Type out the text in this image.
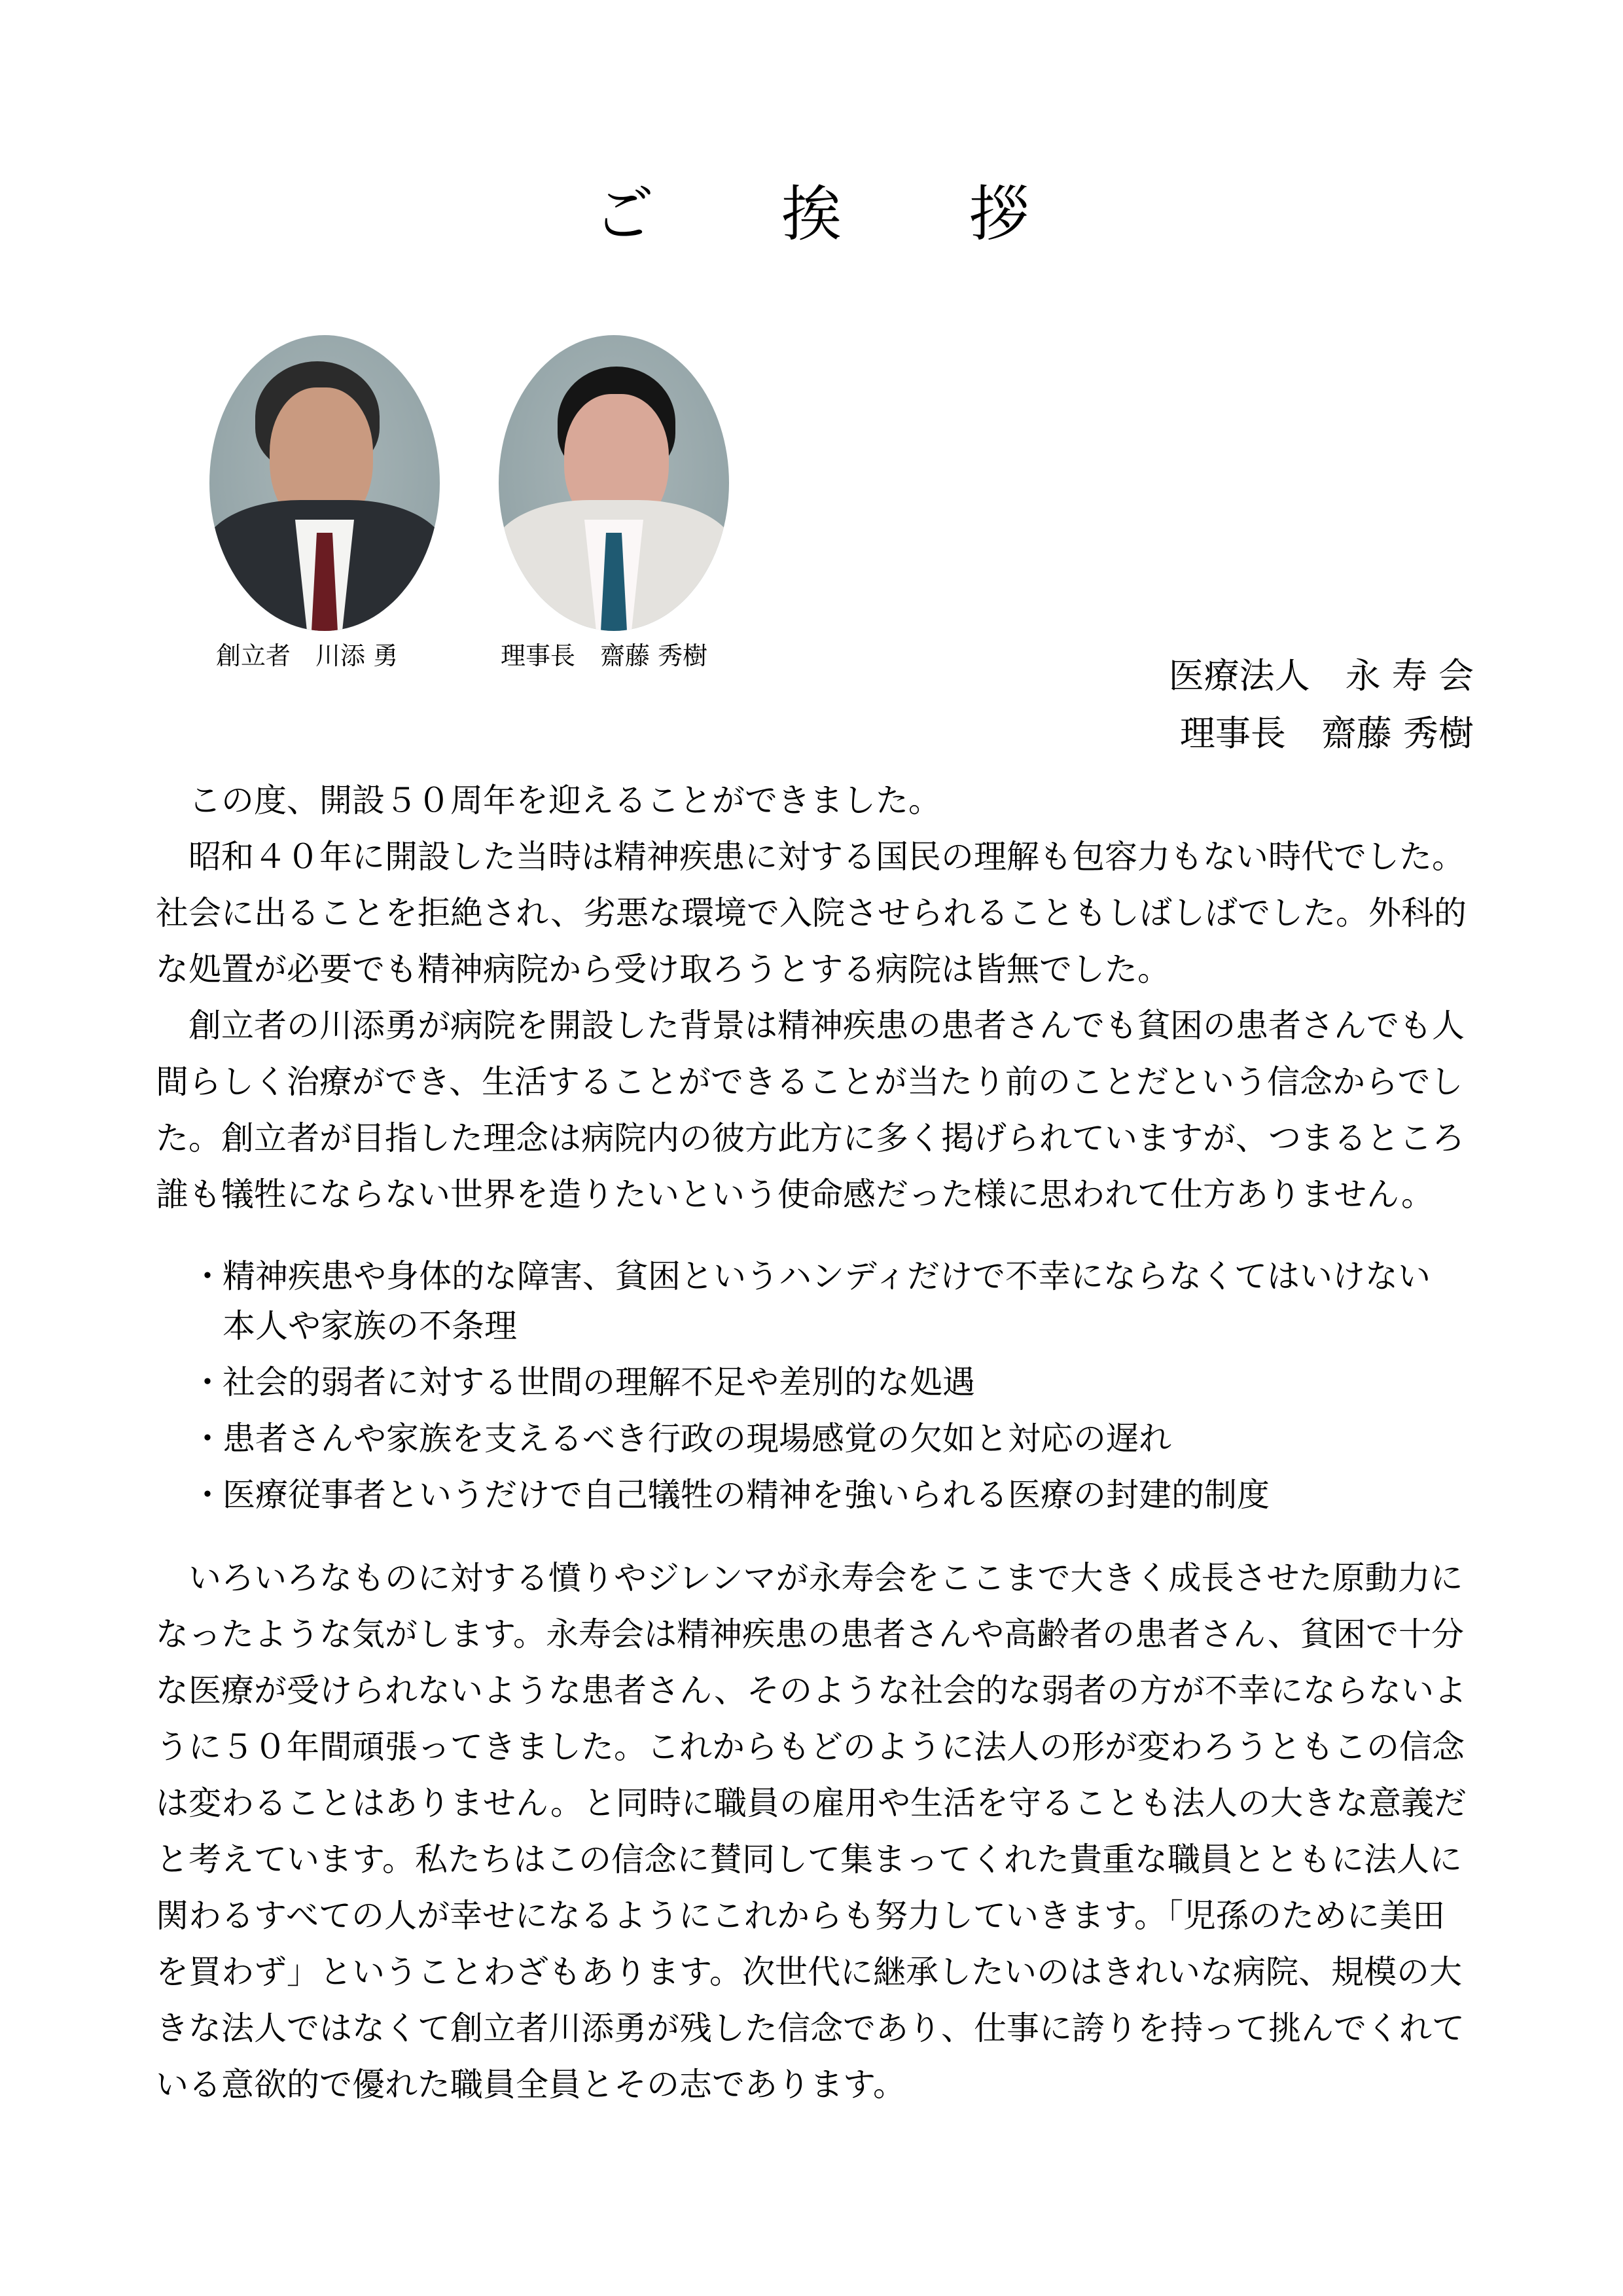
ご 挨 拶
創立者　川添 勇	理事長　齋藤 秀樹	医療法人　永 寿 会
理事長　齋藤 秀樹

　この度、開設５０周年を迎えることができました。

　昭和４０年に開設した当時は精神疾患に対する国民の理解も包容力もない時代でした。

社会に出ることを拒絶され、劣悪な環境で入院させられることもしばしばでした。外科的

な処置が必要でも精神病院から受け取ろうとする病院は皆無でした。

　創立者の川添勇が病院を開設した背景は精神疾患の患者さんでも貧困の患者さんでも人

間らしく治療ができ、生活することができることが当たり前のことだという信念からでし

た。創立者が目指した理念は病院内の彼方此方に多く掲げられていますが、つまるところ

誰も犠牲にならない世界を造りたいという使命感だった様に思われて仕方ありません。

・
精神疾患や身体的な障害、貧困というハンディだけで不幸にならなくてはいけない
本人や家族の不条理
・
社会的弱者に対する世間の理解不足や差別的な処遇
・
患者さんや家族を支えるべき行政の現場感覚の欠如と対応の遅れ
・
医療従事者というだけで自己犠牲の精神を強いられる医療の封建的制度

　いろいろなものに対する憤りやジレンマが永寿会をここまで大きく成長させた原動力に

なったような気がします。永寿会は精神疾患の患者さんや高齢者の患者さん、貧困で十分

な医療が受けられないような患者さん、そのような社会的な弱者の方が不幸にならないよ

うに５０年間頑張ってきました。これからもどのように法人の形が変わろうともこの信念

は変わることはありません。と同時に職員の雇用や生活を守ることも法人の大きな意義だ

と考えています。私たちはこの信念に賛同して集まってくれた貴重な職員とともに法人に

関わるすべての人が幸せになるようにこれからも努力していきます。「児孫のために美田

を買わず」ということわざもあります。次世代に継承したいのはきれいな病院、規模の大

きな法人ではなくて創立者川添勇が残した信念であり、仕事に誇りを持って挑んでくれて

いる意欲的で優れた職員全員とその志であります。
